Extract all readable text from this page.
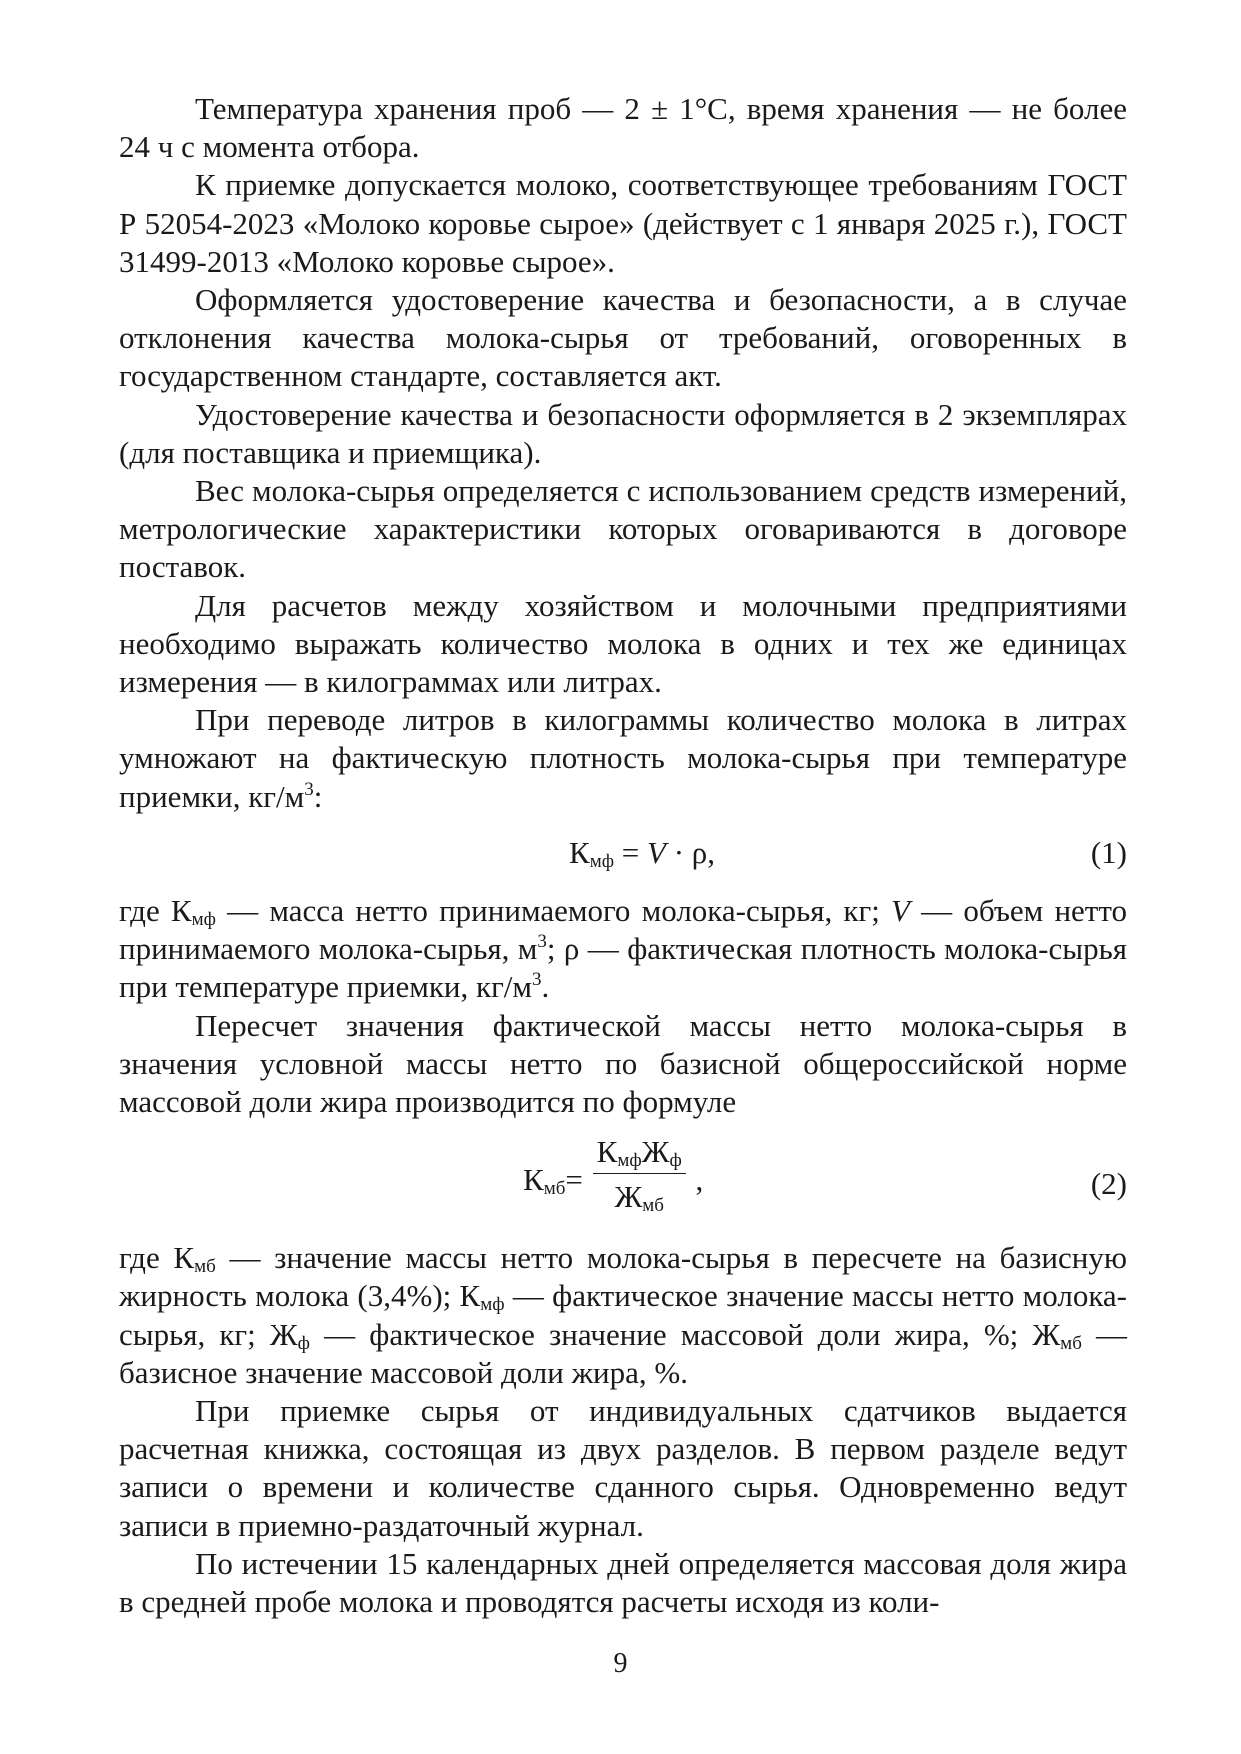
Температура хранения проб — 2 ± 1°С, время хранения — не более 24 ч с момента отбора.

К приемке допускается молоко, соответствующее требованиям ГОСТ Р 52054-2023 «Молоко коровье сырое» (действует с 1 января 2025 г.), ГОСТ 31499-2013 «Молоко коровье сырое».

Оформляется удостоверение качества и безопасности, а в случае отклонения качества молока-сырья от требований, оговоренных в государственном стандарте, составляется акт.

Удостоверение качества и безопасности оформляется в 2 экземплярах (для поставщика и приемщика).

Вес молока-сырья определяется с использованием средств измерений, метрологические характеристики которых оговариваются в договоре поставок.

Для расчетов между хозяйством и молочными предприятиями необходимо выражать количество молока в одних и тех же единицах измерения — в килограммах или литрах.

При переводе литров в килограммы количество молока в литрах умножают на фактическую плотность молока-сырья при температуре приемки, $кг/м^3$:

$К_{мф} = V \cdot \rho$,	(1)

где $К_{мф}$ — масса нетто принимаемого молока-сырья, кг; V — объем нетто принимаемого молока-сырья, $м^3$; ρ — фактическая плотность молока-сырья при температуре приемки, $кг/м^3$.

Пересчет значения фактической массы нетто молока-сырья в значения условной массы нетто по базисной общероссийской норме массовой доли жира производится по формуле

$К_{мб}= \frac{К_{мф}Ж_ф}{Ж_{мб}}$ ,	(2)

где $К_{мб}$ — значение массы нетто молока-сырья в пересчете на базисную жирность молока (3,4%); $К_{мф}$ — фактическое значение массы нетто молока-сырья, кг; $Ж_ф$ — фактическое значение массовой доли жира, %; $Ж_{мб}$ — базисное значение массовой доли жира, %.

При приемке сырья от индивидуальных сдатчиков выдается расчетная книжка, состоящая из двух разделов. В первом разделе ведут записи о времени и количестве сданного сырья. Одновременно ведут записи в приемно-раздаточный журнал.

По истечении 15 календарных дней определяется массовая доля жира в средней пробе молока и проводятся расчеты исходя из коли-

9
